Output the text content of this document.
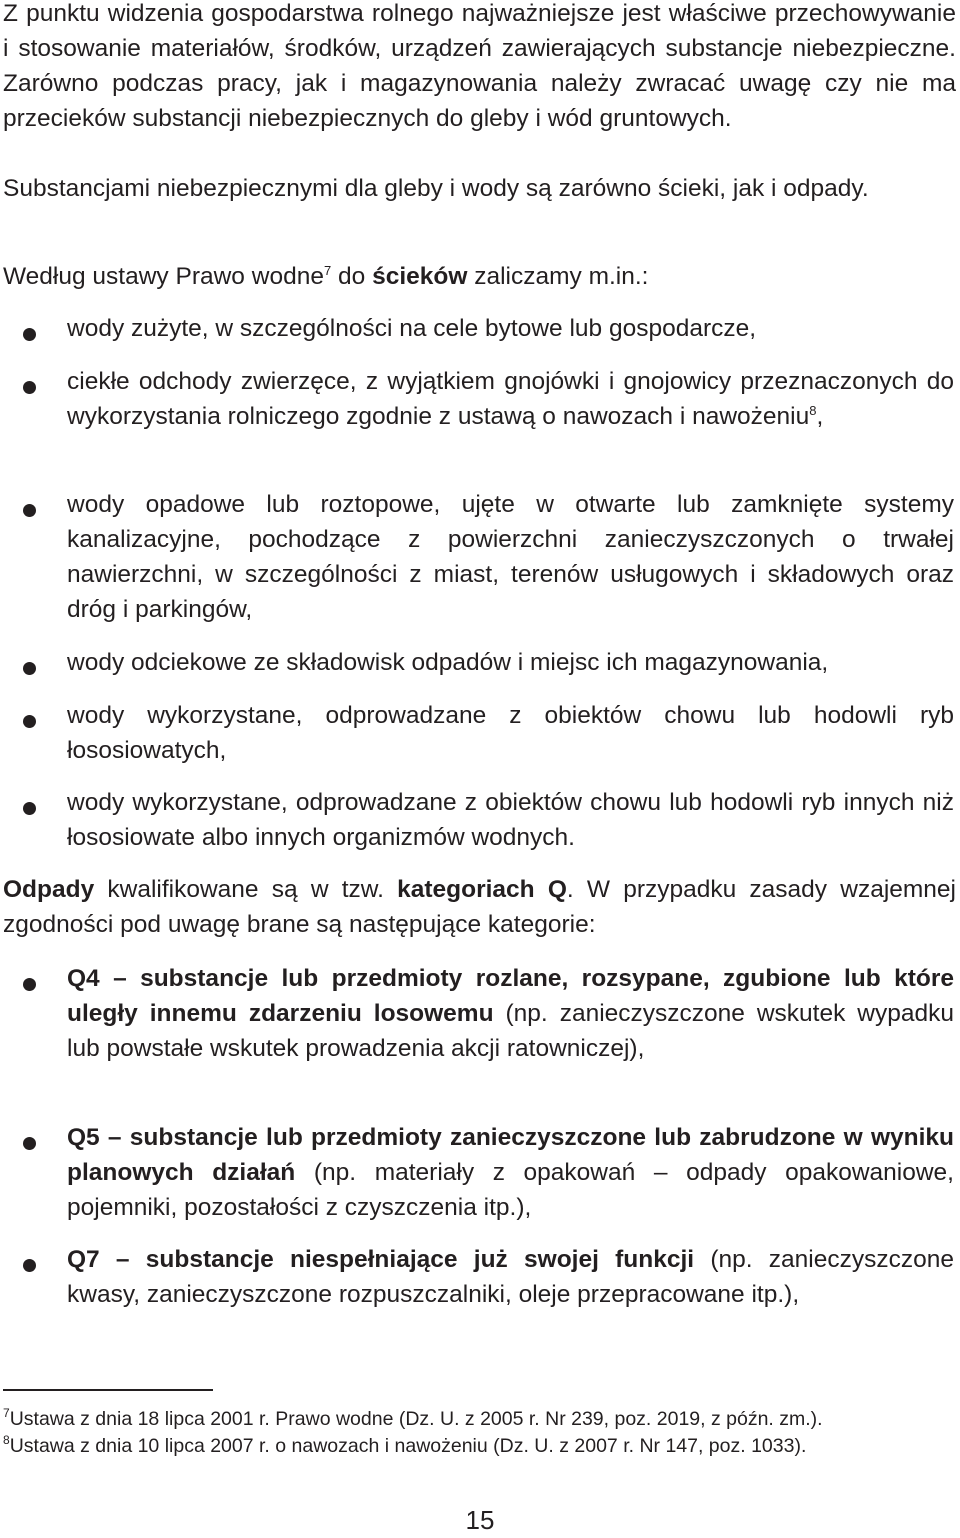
Z punktu widzenia gospodarstwa rolnego najważniejsze jest właściwe przechowywanie i stosowanie materiałów, środków, urządzeń zawierających substancje niebezpieczne. Zarówno podczas pracy, jak i magazynowania należy zwracać uwagę czy nie ma przecieków substancji niebezpiecznych do gleby i wód gruntowych.

Substancjami niebezpiecznymi dla gleby i wody są zarówno ścieki, jak i odpady.

Według ustawy Prawo wodne$^7$ do ścieków zaliczamy m.in.:

wody zużyte, w szczególności na cele bytowe lub gospodarcze,
ciekłe odchody zwierzęce, z wyjątkiem gnojówki i gnojowicy przeznaczonych do wykorzystania rolniczego zgodnie z ustawą o nawozach i nawożeniu$^8$,
wody opadowe lub roztopowe, ujęte w otwarte lub zamknięte systemy kanalizacyjne, pochodzące z powierzchni zanieczyszczonych o trwałej nawierzchni, w szczególności z miast, terenów usługowych i składowych oraz dróg i parkingów,
wody odciekowe ze składowisk odpadów i miejsc ich magazynowania,
wody wykorzystane, odprowadzane z obiektów chowu lub hodowli ryb łososiowatych,
wody wykorzystane, odprowadzane z obiektów chowu lub hodowli ryb innych niż łososiowate albo innych organizmów wodnych.

Odpady kwalifikowane są w tzw. kategoriach Q. W przypadku zasady wzajemnej zgodności pod uwagę brane są następujące kategorie:

Q4 – substancje lub przedmioty rozlane, rozsypane, zgubione lub które uległy innemu zdarzeniu losowemu (np. zanieczyszczone wskutek wypadku lub powstałe wskutek prowadzenia akcji ratowniczej),
Q5 – substancje lub przedmioty zanieczyszczone lub zabrudzone w wyniku planowych działań (np. materiały z opakowań – odpady opakowaniowe, pojemniki, pozostałości z czyszczenia itp.),
Q7 – substancje niespełniające już swojej funkcji (np. zanieczyszczone kwasy, zanieczyszczone rozpuszczalniki, oleje przepracowane itp.),
$^7$Ustawa z dnia 18 lipca 2001 r. Prawo wodne (Dz. U. z 2005 r. Nr 239, poz. 2019, z późn. zm.).
$^8$Ustawa z dnia 10 lipca 2007 r. o nawozach i nawożeniu (Dz. U. z 2007 r. Nr 147, poz. 1033).
15
